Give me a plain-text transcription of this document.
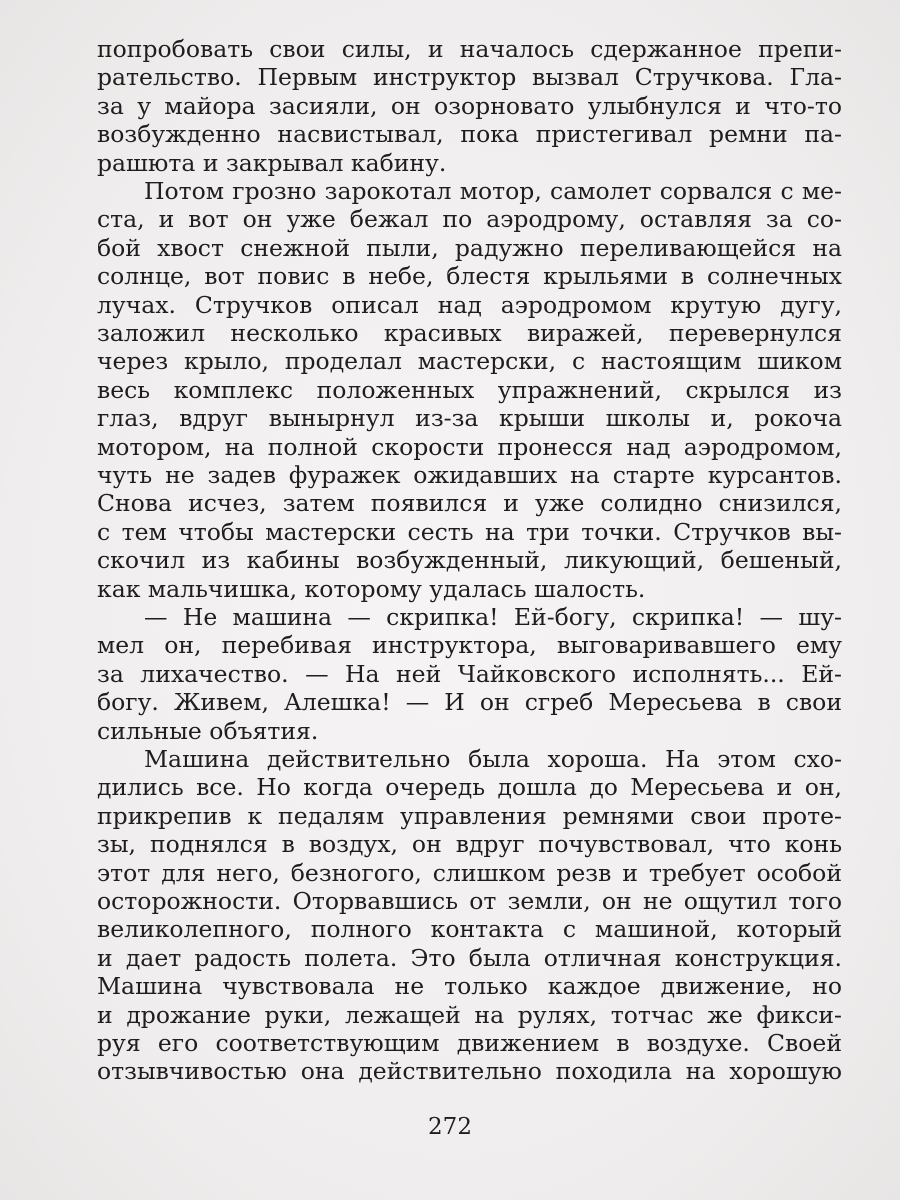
попробовать свои силы, и началось сдержанное препи-
рательство. Первым инструктор вызвал Стручкова. Гла-
за у майора засияли, он озорновато улыбнулся и что-то
возбужденно насвистывал, пока пристегивал ремни па-
рашюта и закрывал кабину.
Потом грозно зарокотал мотор, самолет сорвался с ме-
ста, и вот он уже бежал по аэродрому, оставляя за со-
бой хвост снежной пыли, радужно переливающейся на
солнце, вот повис в небе, блестя крыльями в солнечных
лучах. Стручков описал над аэродромом крутую дугу,
заложил несколько красивых виражей, перевернулся
через крыло, проделал мастерски, с настоящим шиком
весь комплекс положенных упражнений, скрылся из
глаз, вдруг вынырнул из-за крыши школы и, рокоча
мотором, на полной скорости пронесся над аэродромом,
чуть не задев фуражек ожидавших на старте курсантов.
Снова исчез, затем появился и уже солидно снизился,
с тем чтобы мастерски сесть на три точки. Стручков вы-
скочил из кабины возбужденный, ликующий, бешеный,
как мальчишка, которому удалась шалость.
— Не машина — скрипка! Ей-богу, скрипка! — шу-
мел он, перебивая инструктора, выговаривавшего ему
за лихачество. — На ней Чайковского исполнять... Ей-
богу. Живем, Алешка! — И он сгреб Мересьева в свои
сильные объятия.
Машина действительно была хороша. На этом схо-
дились все. Но когда очередь дошла до Мересьева и он,
прикрепив к педалям управления ремнями свои проте-
зы, поднялся в воздух, он вдруг почувствовал, что конь
этот для него, безногого, слишком резв и требует особой
осторожности. Оторвавшись от земли, он не ощутил того
великолепного, полного контакта с машиной, который
и дает радость полета. Это была отличная конструкция.
Машина чувствовала не только каждое движение, но
и дрожание руки, лежащей на рулях, тотчас же фикси-
руя его соответствующим движением в воздухе. Своей
отзывчивостью она действительно походила на хорошую
272
